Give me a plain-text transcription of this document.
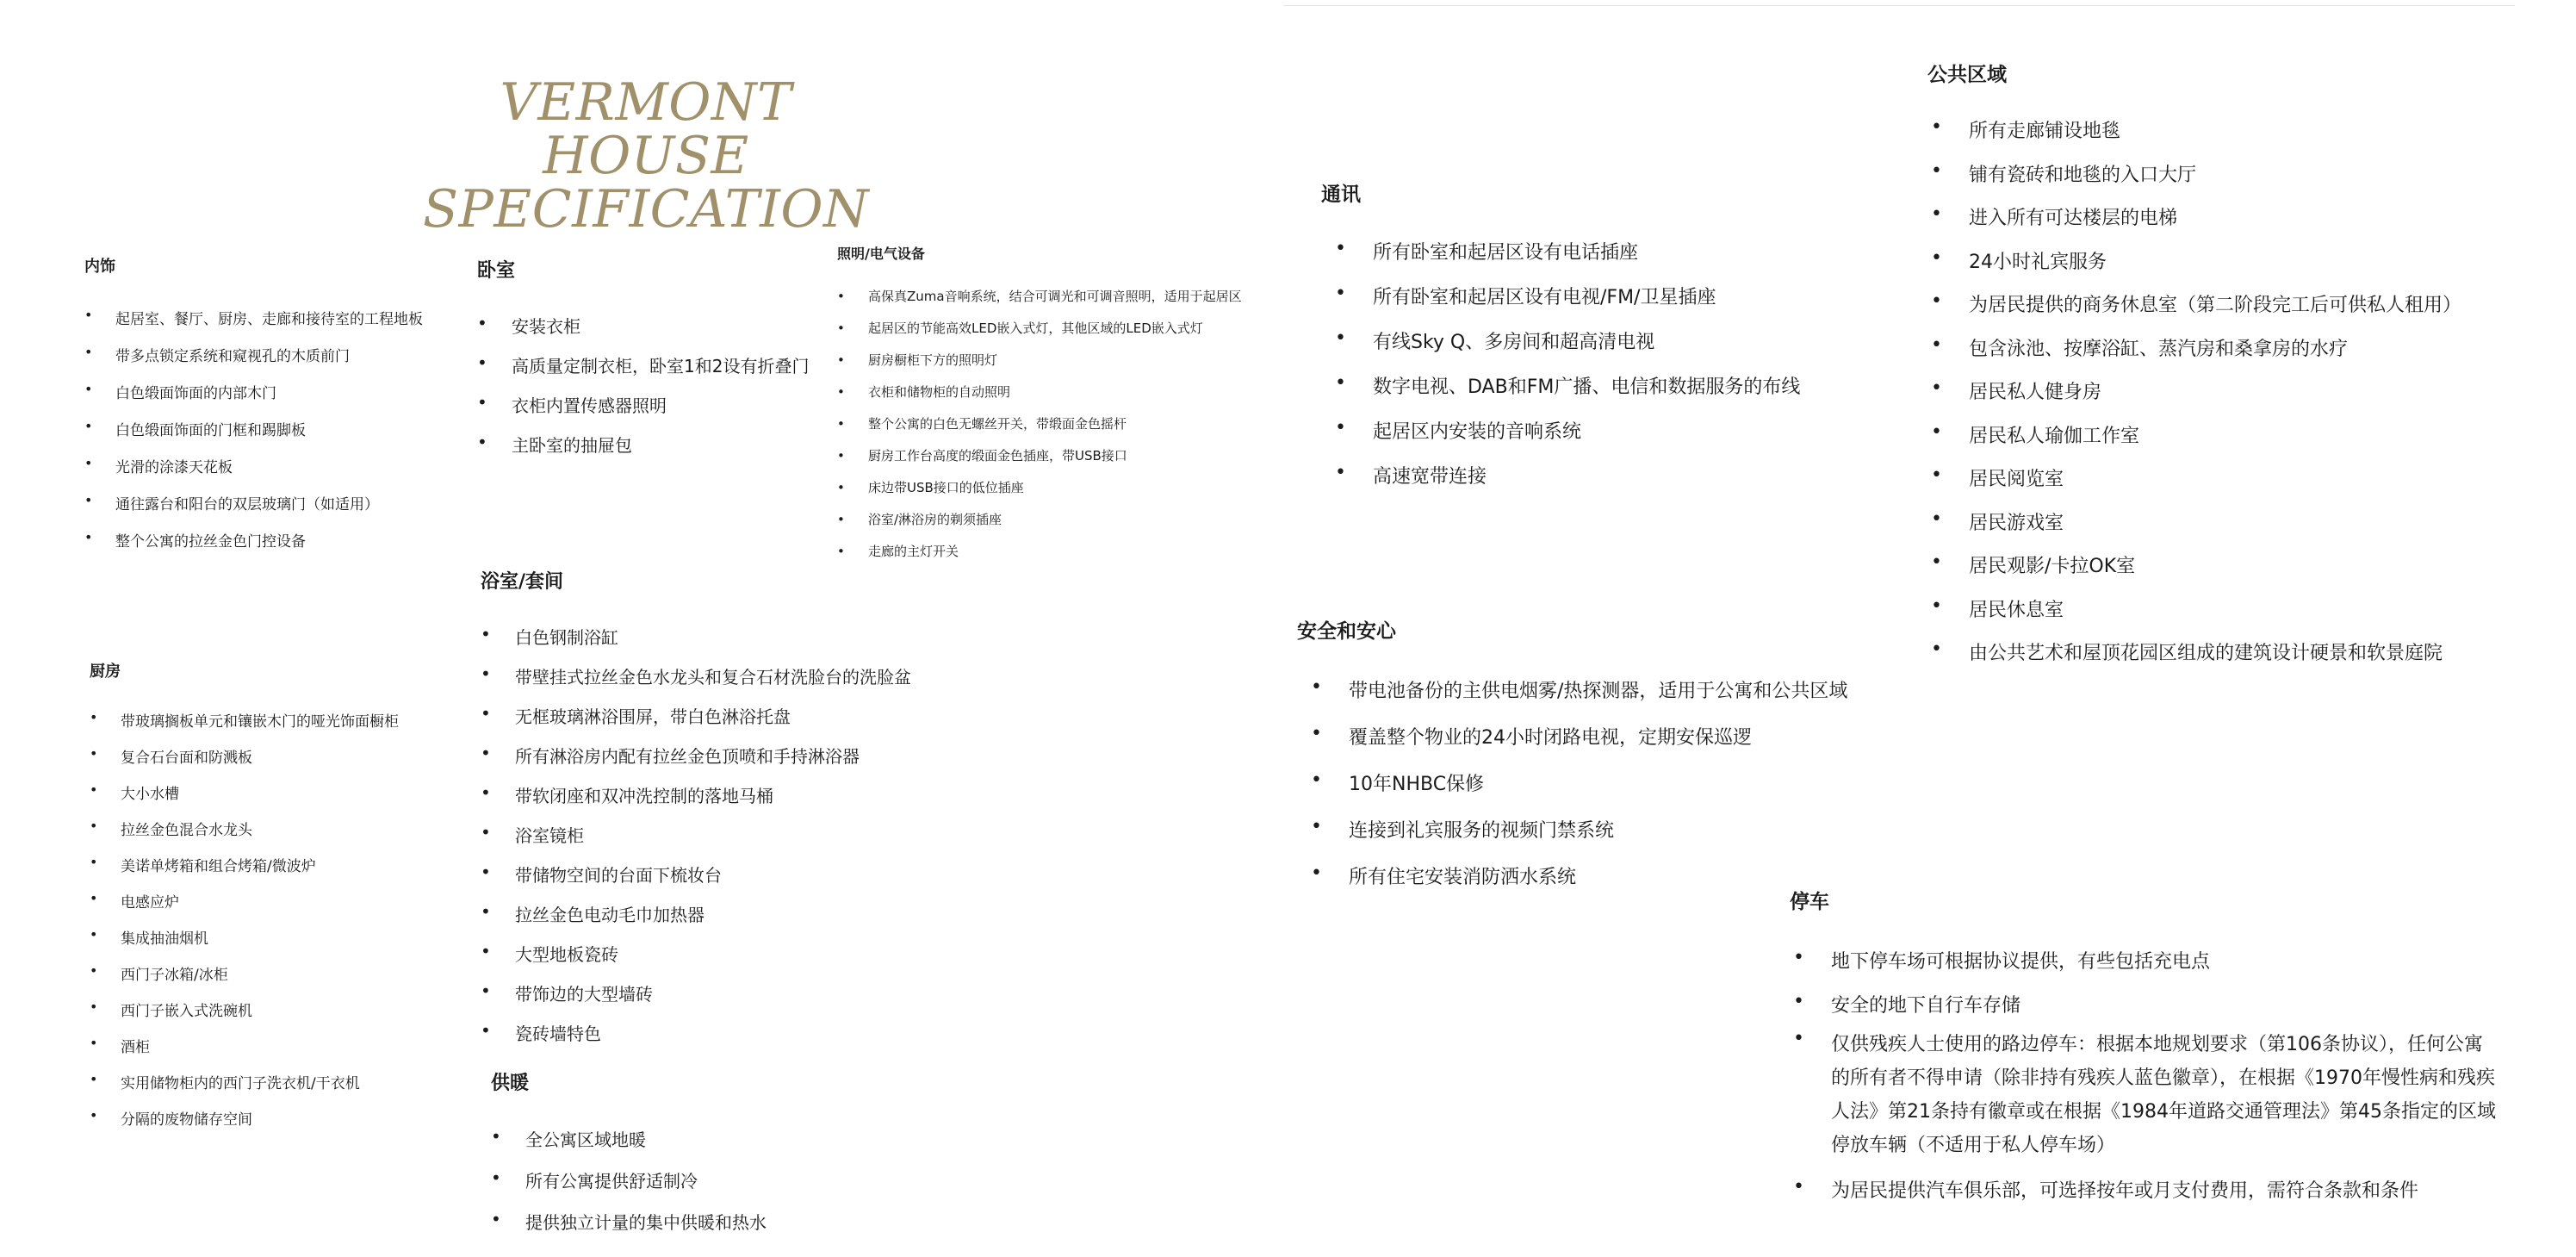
VERMONT HOUSE
SPECIFICATION
内饰
• 起居室、餐厅、厨房、走廊和接待室的工程地板
• 带多点锁定系统和窥视孔的木质前门
• 白色缎面饰面的内部木门
• 白色缎面饰面的门框和踢脚板
• 光滑的涂漆天花板
• 通往露台和阳台的双层玻璃门（如适用）
• 整个公寓的拉丝金色门控设备
卧室
• 安装衣柜
• 高质量定制衣柜，卧室1和2设有折叠门
• 衣柜内置传感器照明
• 主卧室的抽屉包
照明/电气设备
• 高保真Zuma音响系统，结合可调光和可调音照明，适用于起居区
• 起居区的节能高效LED嵌入式灯，其他区域的LED嵌入式灯
• 厨房橱柜下方的照明灯
• 衣柜和储物柜的自动照明
• 整个公寓的白色无螺丝开关，带缎面金色摇杆
• 厨房工作台高度的缎面金色插座，带USB接口
• 床边带USB接口的低位插座
• 浴室/淋浴房的剃须插座
• 走廊的主灯开关
厨房
• 带玻璃搁板单元和镶嵌木门的哑光饰面橱柜
• 复合石台面和防溅板
• 大小水槽
• 拉丝金色混合水龙头
• 美诺单烤箱和组合烤箱/微波炉
• 电感应炉
• 集成抽油烟机
• 西门子冰箱/冰柜
• 西门子嵌入式洗碗机
• 酒柜
• 实用储物柜内的西门子洗衣机/干衣机
• 分隔的废物储存空间
浴室/套间
• 白色钢制浴缸
• 带壁挂式拉丝金色水龙头和复合石材洗脸台的洗脸盆
• 无框玻璃淋浴围屏，带白色淋浴托盘
• 所有淋浴房内配有拉丝金色顶喷和手持淋浴器
• 带软闭座和双冲洗控制的落地马桶
• 浴室镜柜
• 带储物空间的台面下梳妆台
• 拉丝金色电动毛巾加热器
• 大型地板瓷砖
• 带饰边的大型墙砖
• 瓷砖墙特色
供暖
• 全公寓区域地暖
• 所有公寓提供舒适制冷
• 提供独立计量的集中供暖和热水
通讯
• 所有卧室和起居区设有电话插座
• 所有卧室和起居区设有电视/FM/卫星插座
• 有线Sky Q、多房间和超高清电视
• 数字电视、DAB和FM广播、电信和数据服务的布线
• 起居区内安装的音响系统
• 高速宽带连接
安全和安心
• 带电池备份的主供电烟雾/热探测器，适用于公寓和公共区域
• 覆盖整个物业的24小时闭路电视，定期安保巡逻
• 10年NHBC保修
• 连接到礼宾服务的视频门禁系统
• 所有住宅安装消防洒水系统
公共区域
• 所有走廊铺设地毯
• 铺有瓷砖和地毯的入口大厅
• 进入所有可达楼层的电梯
• 24小时礼宾服务
• 为居民提供的商务休息室（第二阶段完工后可供私人租用）
• 包含泳池、按摩浴缸、蒸汽房和桑拿房的水疗
• 居民私人健身房
• 居民私人瑜伽工作室
• 居民阅览室
• 居民游戏室
• 居民观影/卡拉OK室
• 居民休息室
• 由公共艺术和屋顶花园区组成的建筑设计硬景和软景庭院
停车
• 地下停车场可根据协议提供，有些包括充电点
• 安全的地下自行车存储
• 仅供残疾人士使用的路边停车：根据本地规划要求（第106条协议），任何公寓的所有者不得申请（除非持有残疾人蓝色徽章），在根据《1970年慢性病和残疾人法》第21条持有徽章或在根据《1984年道路交通管理法》第45条指定的区域停放车辆（不适用于私人停车场）
• 为居民提供汽车俱乐部，可选择按年或月支付费用，需符合条款和条件
